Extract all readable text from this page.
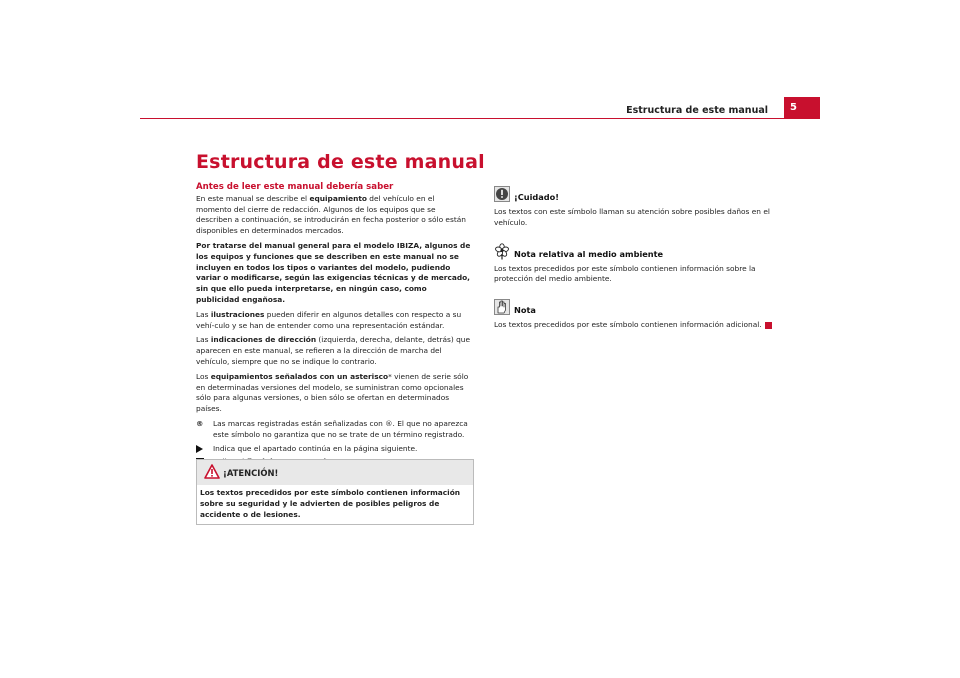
Estructura de este manual	5
Estructura de este manual
Antes de leer este manual debería saber

En este manual se describe el equipamiento del vehículo en el momento del cierre de redacción. Algunos de los equipos que se describen a continuación, se introducirán en fecha posterior o sólo están disponibles en determinados mercados.

Por tratarse del manual general para el modelo IBIZA, algunos de los equipos y funciones que se describen en este manual no se incluyen en todos los tipos o variantes del modelo, pudiendo variar o modificarse, según las exigencias técnicas y de mercado, sin que ello pueda interpretarse, en ningún caso, como publicidad engañosa.

Las ilustraciones pueden diferir en algunos detalles con respecto a su vehí-culo y se han de entender como una representación estándar.

Las indicaciones de dirección (izquierda, derecha, delante, detrás) que aparecen en este manual, se refieren a la dirección de marcha del vehículo, siempre que no se indique lo contrario.

Los equipamientos señalados con un asterisco* vienen de serie sólo en determinadas versiones del modelo, se suministran como opcionales sólo para algunas versiones, o bien sólo se ofertan en determinados países.

®	Las marcas registradas están señalizadas con ®. El que no aparezca este símbolo no garantiza que no se trate de un término registrado.
Indica que el apartado continúa en la página siguiente.
¡ATENCIÓN!
Los textos precedidos por este símbolo contienen información sobre su seguridad y le advierten de posibles peligros de accidente o de lesiones.
¡Cuidado!
Los textos con este símbolo llaman su atención sobre posibles daños en el vehículo.
Nota relativa al medio ambiente
Los textos precedidos por este símbolo contienen información sobre la protección del medio ambiente.
Nota
Los textos precedidos por este símbolo contienen información adicional.
